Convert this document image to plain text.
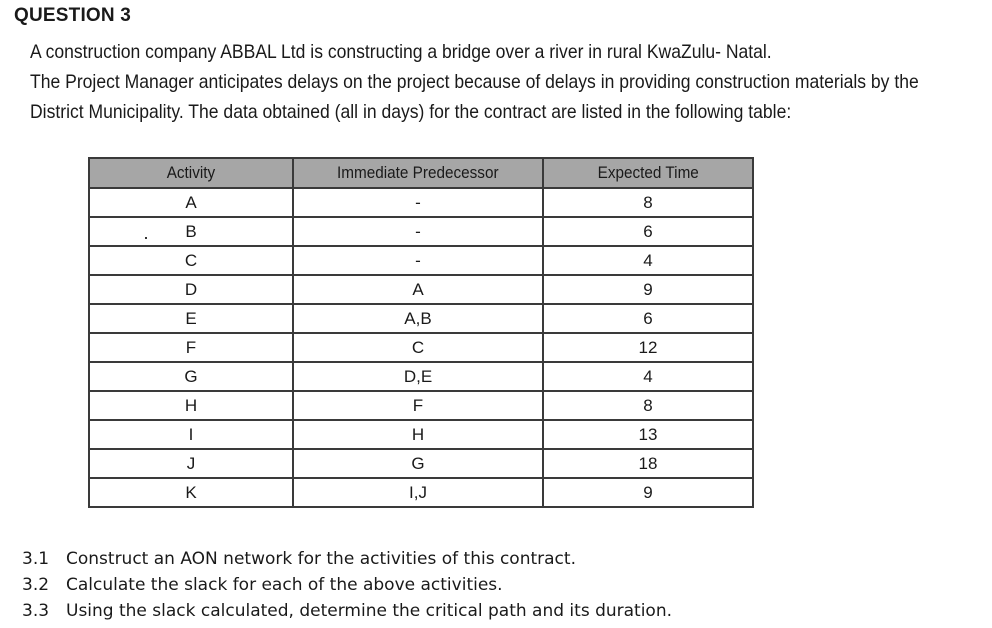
QUESTION 3

A construction company ABBAL Ltd is constructing a bridge over a river in rural KwaZulu- Natal.

The Project Manager anticipates delays on the project because of delays in providing construction materials by the

District Municipality. The data obtained (all in days) for the contract are listed in the following table:

Activity	Immediate Predecessor	Expected Time
A	-	8
B	-	6
C	-	4
D	A	9
E	A,B	6
F	C	12
G	D,E	4
H	F	8
I	H	13
J	G	18
K	I,J	9
3.1 Construct an AON network for the activities of this contract.
3.2 Calculate the slack for each of the above activities.
3.3 Using the slack calculated, determine the critical path and its duration.
